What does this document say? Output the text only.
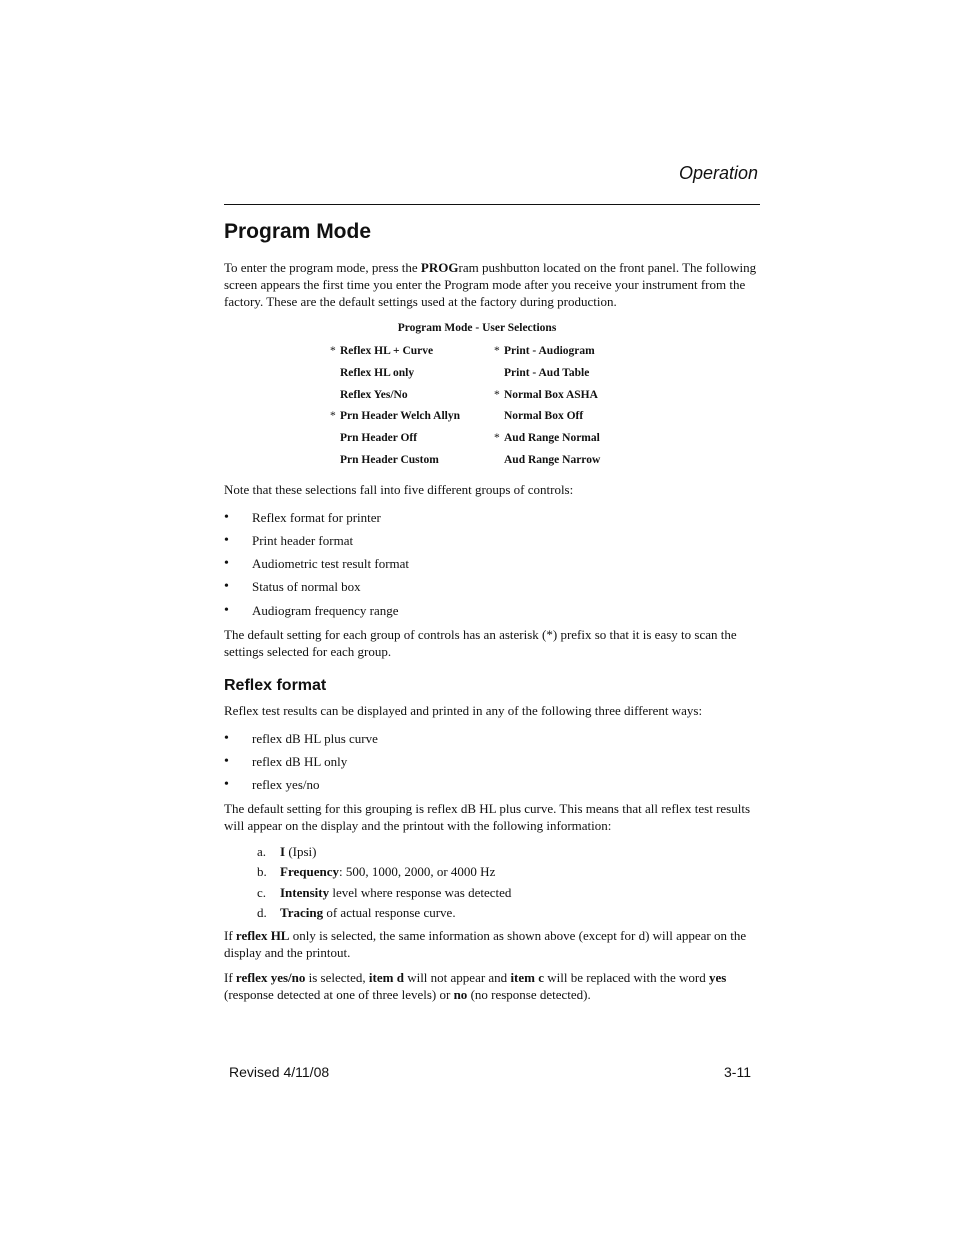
Operation
Program Mode

To enter the program mode, press the PROGram pushbutton located on the front panel. The following screen appears the first time you enter the Program mode after you receive your instrument from the factory. These are the default settings used at the factory during production.

Program Mode - User Selections
* Reflex HL + Curve	* Print - Audiogram
Reflex HL only	Print - Aud Table
Reflex Yes/No	* Normal Box ASHA
* Prn Header Welch Allyn	Normal Box Off
Prn Header Off	* Aud Range Normal
Prn Header Custom	Aud Range Narrow

Note that these selections fall into five different groups of controls:

• Reflex format for printer
• Print header format
• Audiometric test result format
• Status of normal box
• Audiogram frequency range

The default setting for each group of controls has an asterisk (*) prefix so that it is easy to scan the settings selected for each group.

Reflex format

Reflex test results can be displayed and printed in any of the following three different ways:

• reflex dB HL plus curve
• reflex dB HL only
• reflex yes/no

The default setting for this grouping is reflex dB HL plus curve. This means that all reflex test results will appear on the display and the printout with the following information:

a. I (Ipsi)
b. Frequency: 500, 1000, 2000, or 4000 Hz
c. Intensity level where response was detected
d. Tracing of actual response curve.

If reflex HL only is selected, the same information as shown above (except for d) will appear on the display and the printout.

If reflex yes/no is selected, item d will not appear and item c will be replaced with the word yes (response detected at one of three levels) or no (no response detected).

Revised 4/11/08	3-11
